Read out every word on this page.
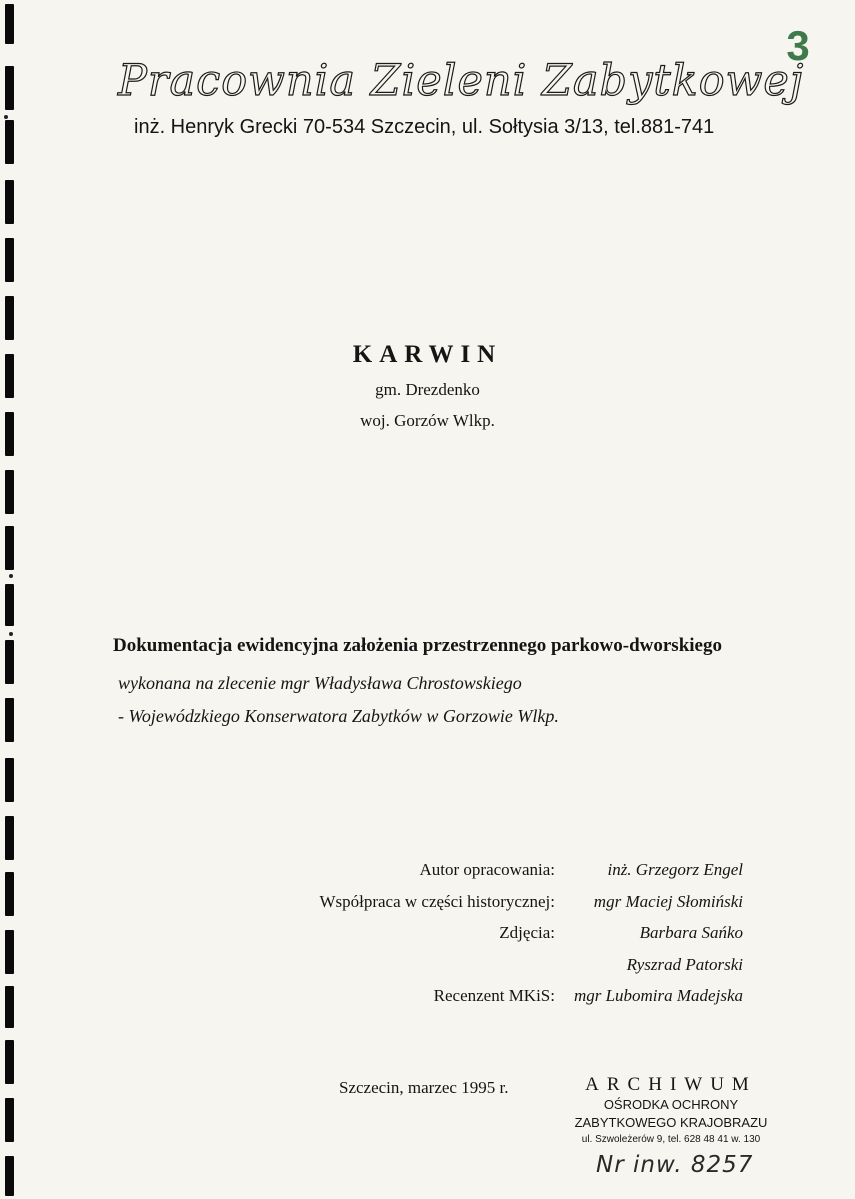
3
Pracownia Zieleni Zabytkowej
inż. Henryk Grecki 70-534 Szczecin, ul. Sołtysia 3/13, tel.881-741
KARWIN
gm. Drezdenko
woj. Gorzów Wlkp.
Dokumentacja ewidencyjna założenia przestrzennego parkowo-dworskiego
wykonana na zlecenie mgr Władysława Chrostowskiego
- Wojewódzkiego Konserwatora Zabytków w Gorzowie Wlkp.
Autor opracowania:	inż. Grzegorz Engel
Współpraca w części historycznej: mgr Maciej Słomiński
Zdjęcia:	Barbara Sańko
Ryszrad Patorski
Recenzent MKiS: mgr Lubomira Madejska
Szczecin, marzec 1995 r.	ARCHIWUM
OŚRODKA OCHRONY
ZABYTKOWEGO KRAJOBRAZU
ul. Szwoleżerów 9, tel. 628 48 41 w. 130
Nr inw. 8257
